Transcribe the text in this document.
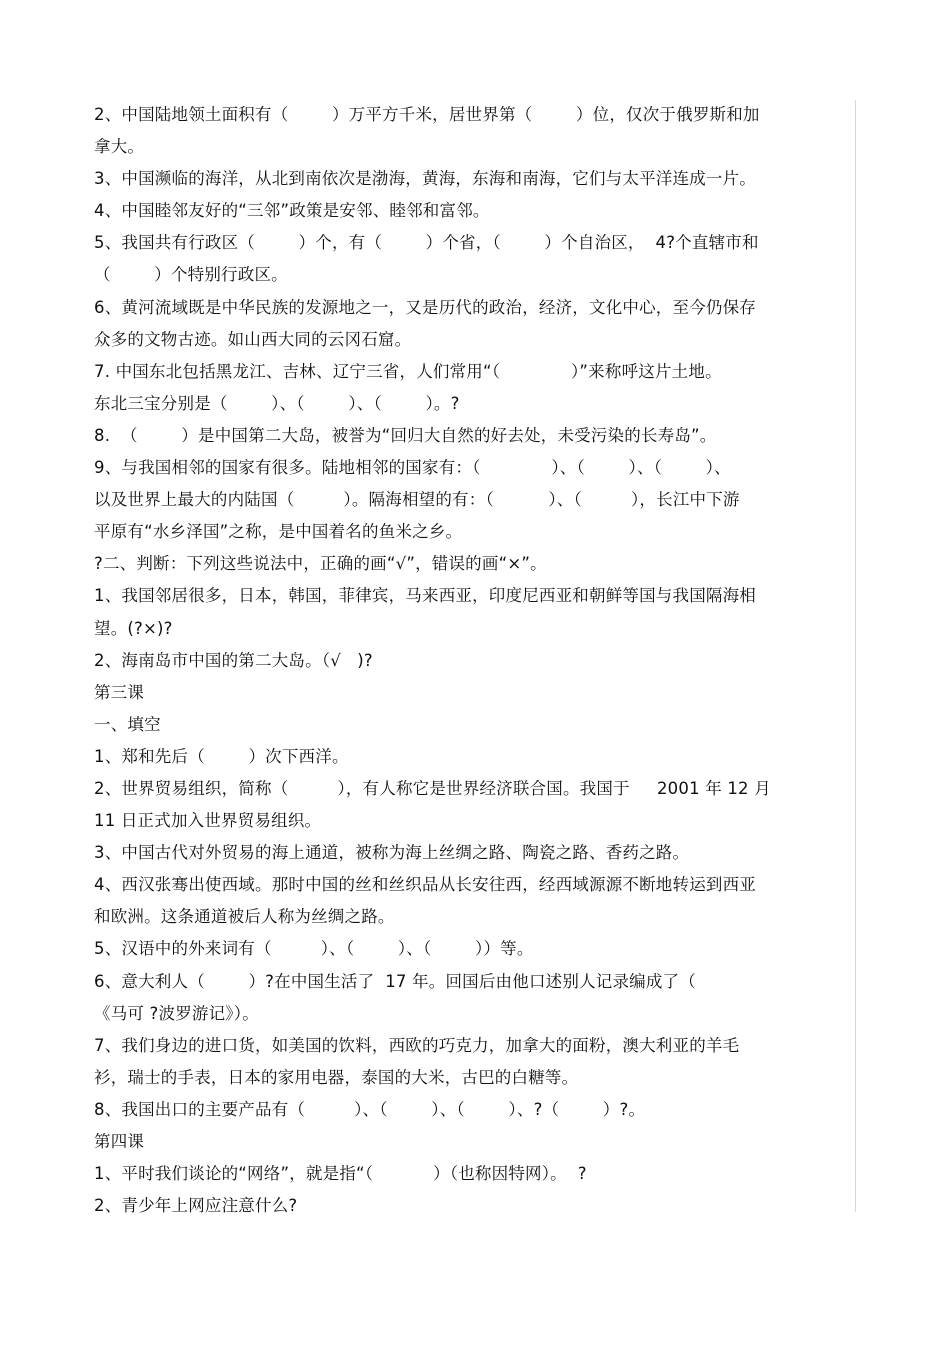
2、中国陆地领土面积有（        ）万平方千米，居世界第（        ）位，仅次于俄罗斯和加
拿大。
3、中国濒临的海洋，从北到南依次是渤海，黄海，东海和南海，它们与太平洋连成一片。
4、中国睦邻友好的“三邻”政策是安邻、睦邻和富邻。
5、我国共有行政区（        ）个，有（        ）个省，（        ）个自治区，  4?个直辖市和
（        ）个特别行政区。
6、黄河流域既是中华民族的发源地之一，又是历代的政治，经济，文化中心，至今仍保存
众多的文物古迹。如山西大同的云冈石窟。
7. 中国东北包括黑龙江、吉林、辽宁三省，人们常用“（             ）”来称呼这片土地。
东北三宝分别是（        ）、（        ）、（        ）。?
8.  （        ）是中国第二大岛，被誉为“回归大自然的好去处，未受污染的长寿岛”。
9、与我国相邻的国家有很多。陆地相邻的国家有：（             ）、（        ）、（        ）、
以及世界上最大的内陆国（         ）。隔海相望的有：（          ）、（         ），长江中下游
平原有“水乡泽国”之称，是中国着名的鱼米之乡。
?二、判断：下列这些说法中，正确的画“√”，错误的画“×”。
1、我国邻居很多，日本，韩国，菲律宾，马来西亚，印度尼西亚和朝鲜等国与我国隔海相
望。(?×)?
2、海南岛市中国的第二大岛。（√   )?
第三课
一、填空
1、郑和先后（        ）次下西洋。
2、世界贸易组织，简称（         ），有人称它是世界经济联合国。我国于     2001 年 12 月
11 日正式加入世界贸易组织。
3、中国古代对外贸易的海上通道，被称为海上丝绸之路、陶瓷之路、香药之路。
4、西汉张骞出使西域。那时中国的丝和丝织品从长安往西，经西域源源不断地转运到西亚
和欧洲。这条通道被后人称为丝绸之路。
5、汉语中的外来词有（         ）、（        ）、（        ））等。
6、意大利人（        ）?在中国生活了  17 年。回国后由他口述别人记录编成了（
《马可 ?波罗游记》）。
7、我们身边的进口货，如美国的饮料，西欧的巧克力，加拿大的面粉，澳大利亚的羊毛
衫，瑞士的手表，日本的家用电器，泰国的大米，古巴的白糖等。
8、我国出口的主要产品有（         ）、（        ）、（        ）、?（        ）?。
第四课
1、平时我们谈论的“网络”，就是指“（           ）（也称因特网）。  ?
2、青少年上网应注意什么?
